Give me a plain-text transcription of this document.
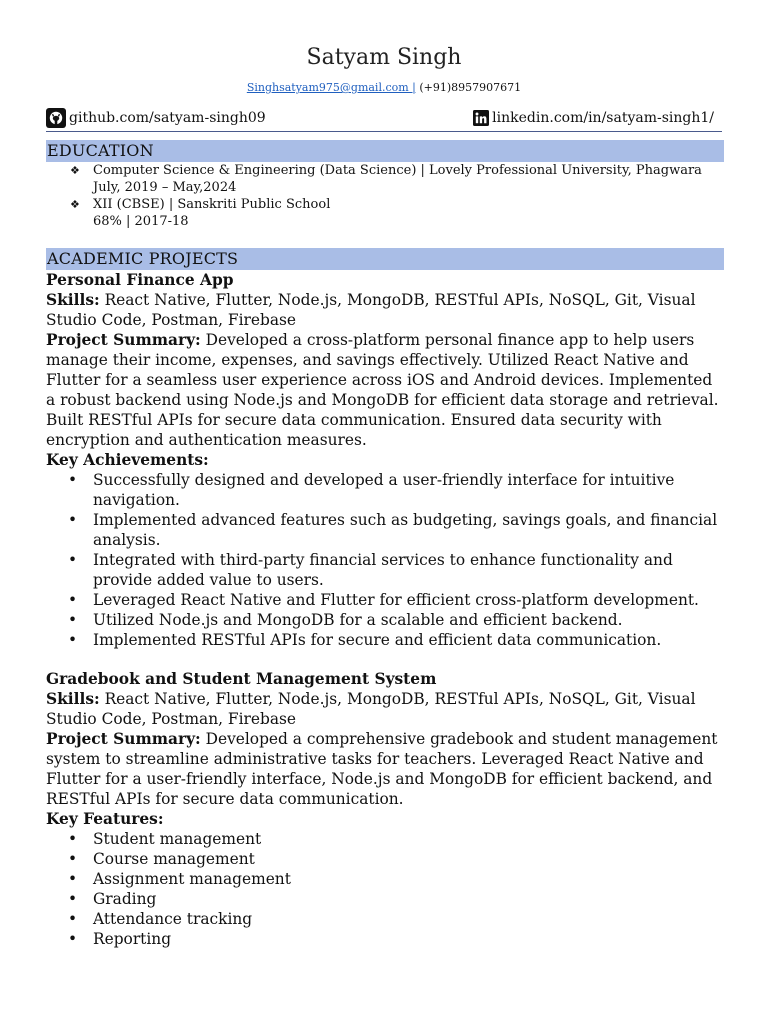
Satyam Singh
Singhsatyam975@gmail.com | (+91)8957907671
github.com/satyam-singh09	linkedin.com/in/satyam-singh1/
EDUCATION
❖ Computer Science & Engineering (Data Science) | Lovely Professional University, Phagwara
July, 2019 – May,2024
❖ XII (CBSE) | Sanskriti Public School
68% | 2017-18
ACADEMIC PROJECTS

Personal Finance App

Skills: React Native, Flutter, Node.js, MongoDB, RESTful APIs, NoSQL, Git, Visual Studio Code, Postman, Firebase

Project Summary: Developed a cross-platform personal finance app to help users manage their income, expenses, and savings effectively. Utilized React Native and Flutter for a seamless user experience across iOS and Android devices. Implemented a robust backend using Node.js and MongoDB for efficient data storage and retrieval. Built RESTful APIs for secure data communication. Ensured data security with encryption and authentication measures.

Key Achievements:

• Successfully designed and developed a user-friendly interface for intuitive navigation.
• Implemented advanced features such as budgeting, savings goals, and financial analysis.
• Integrated with third-party financial services to enhance functionality and provide added value to users.
• Leveraged React Native and Flutter for efficient cross-platform development.
• Utilized Node.js and MongoDB for a scalable and efficient backend.
• Implemented RESTful APIs for secure and efficient data communication.

Gradebook and Student Management System

Skills: React Native, Flutter, Node.js, MongoDB, RESTful APIs, NoSQL, Git, Visual Studio Code, Postman, Firebase

Project Summary: Developed a comprehensive gradebook and student management system to streamline administrative tasks for teachers. Leveraged React Native and Flutter for a user-friendly interface, Node.js and MongoDB for efficient backend, and RESTful APIs for secure data communication.

Key Features:

• Student management
• Course management
• Assignment management
• Grading
• Attendance tracking
• Reporting
